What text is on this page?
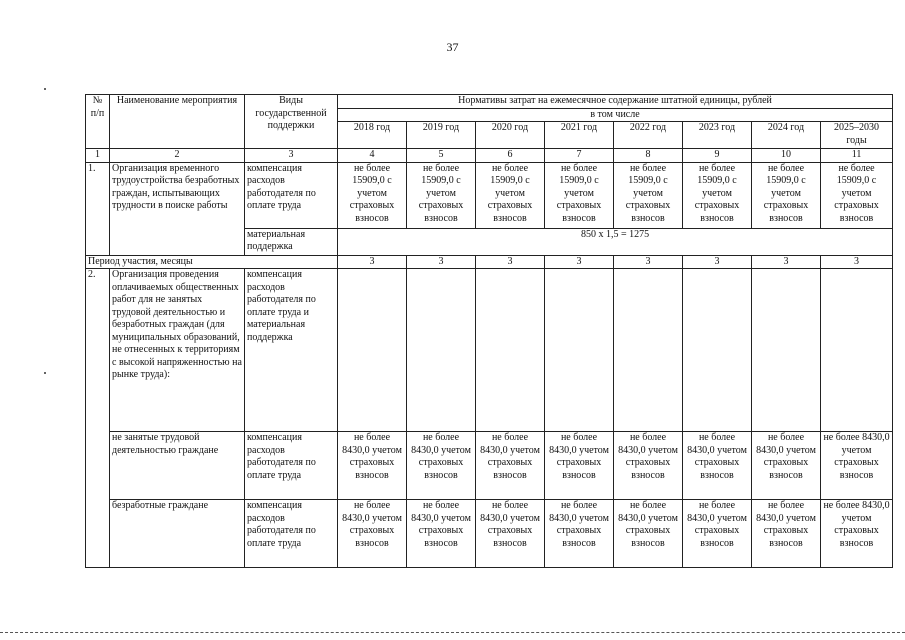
37
№ п/п	Наименование мероприятия	Виды государственной поддержки	Нормативы затрат на ежемесячное содержание штатной единицы, рублей							
			в том числе							
			2018 год	2019 год	2020 год	2021 год	2022 год	2023 год	2024 год	2025–2030 годы
1	2	3	4	5	6	7	8	9	10	11
1.	Организация временного трудоустройства безработных граждан, испытывающих трудности в поиске работы	компенсация расходов работодателя по оплате труда	не более 15909,0 с учетом страховых взносов	не более 15909,0 с учетом страховых взносов	не более 15909,0 с учетом страховых взносов	не более 15909,0 с учетом страховых взносов	не более 15909,0 с учетом страховых взносов	не более 15909,0 с учетом страховых взносов	не более 15909,0 с учетом страховых взносов	не более 15909,0 с учетом страховых взносов
		материальная поддержка	850 х 1,5 = 1275							
Период участия, месяцы			3	3	3	3	3	3	3	3
2.	Организация проведения оплачиваемых общественных работ для не занятых трудовой деятельностью и безработных граждан (для муниципальных образований, не отнесенных к территориям с высокой напряженностью на рынке труда):	компенсация расходов работодателя по оплате труда и материальная поддержка								
	не занятые трудовой деятельностью граждане	компенсация расходов работодателя по оплате труда	не более 8430,0 учетом страховых взносов	не более 8430,0 учетом страховых взносов	не более 8430,0 учетом страховых взносов	не более 8430,0 учетом страховых взносов	не более 8430,0 учетом страховых взносов	не более 8430,0 учетом страховых взносов	не более 8430,0 учетом страховых взносов	не более 8430,0 учетом страховых взносов
	безработные граждане	компенсация расходов работодателя по оплате труда	не более 8430,0 учетом страховых взносов	не более 8430,0 учетом страховых взносов	не более 8430,0 учетом страховых взносов	не более 8430,0 учетом страховых взносов	не более 8430,0 учетом страховых взносов	не более 8430,0 учетом страховых взносов	не более 8430,0 учетом страховых взносов	не более 8430,0 учетом страховых взносов
